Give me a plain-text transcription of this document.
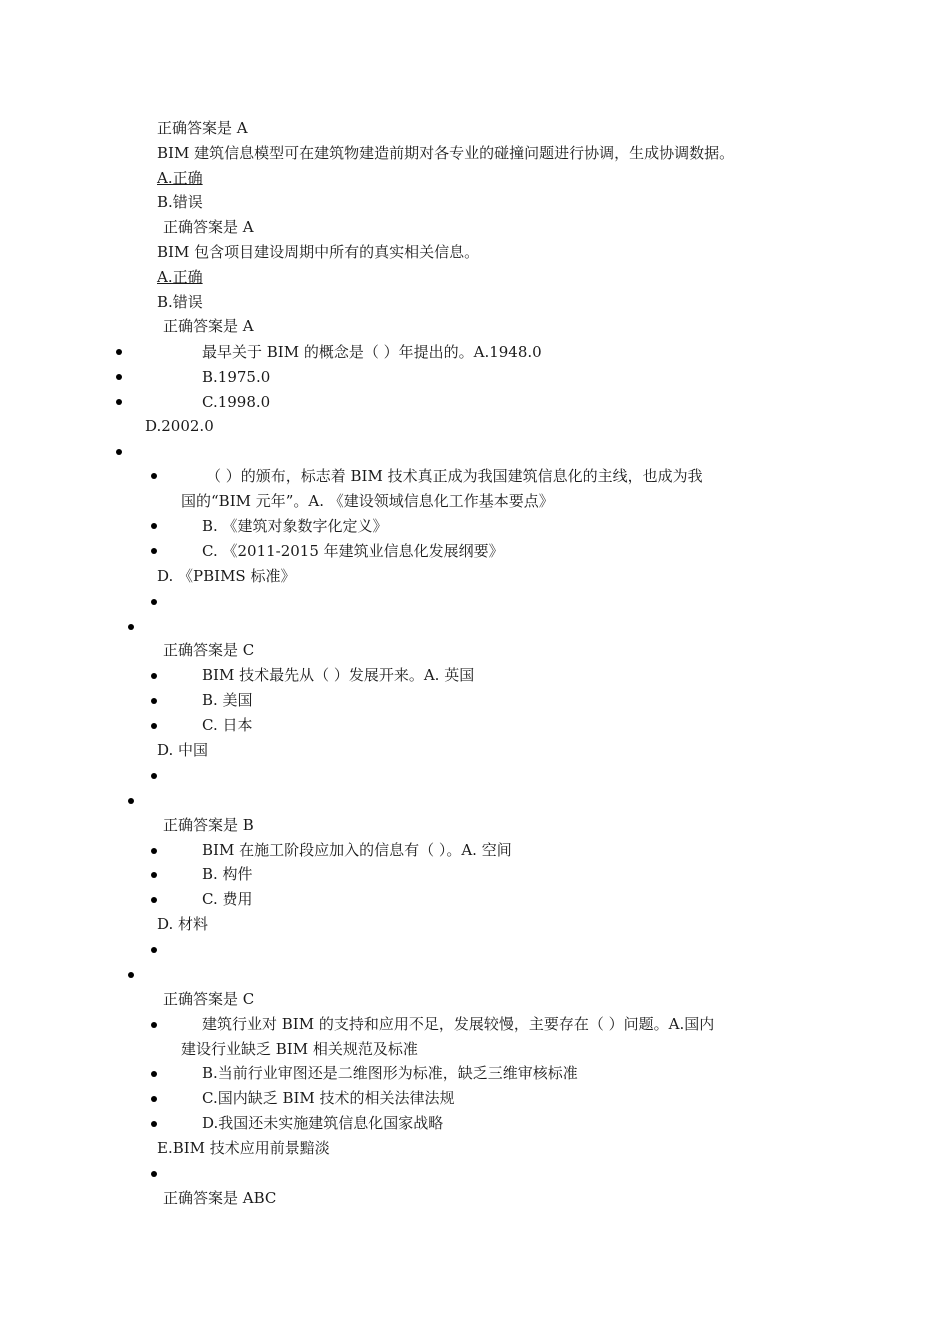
正确答案是 A
BIM 建筑信息模型可在建筑物建造前期对各专业的碰撞问题进行协调，生成协调数据。
A.正确
B.错误
正确答案是 A
BIM 包含项目建设周期中所有的真实相关信息。
A.正确
B.错误
正确答案是 A
最早关于 BIM 的概念是（ ）年提出的。A.1948.0
B.1975.0
C.1998.0
D.2002.0
（ ）的颁布，标志着 BIM 技术真正成为我国建筑信息化的主线，也成为我
国的“BIM 元年”。A. 《建设领域信息化工作基本要点》
B. 《建筑对象数字化定义》
C. 《2011-2015 年建筑业信息化发展纲要》
D. 《PBIMS 标准》
正确答案是 C
BIM 技术最先从（ ）发展开来。A. 英国
B. 美国
C. 日本
D. 中国
正确答案是 B
BIM 在施工阶段应加入的信息有（ ）。A. 空间
B. 构件
C. 费用
D. 材料
正确答案是 C
建筑行业对 BIM 的支持和应用不足，发展较慢，主要存在（ ）问题。A.国内
建设行业缺乏 BIM 相关规范及标准
B.当前行业审图还是二维图形为标准，缺乏三维审核标准
C.国内缺乏 BIM 技术的相关法律法规
D.我国还未实施建筑信息化国家战略
E.BIM 技术应用前景黯淡
正确答案是 ABC
